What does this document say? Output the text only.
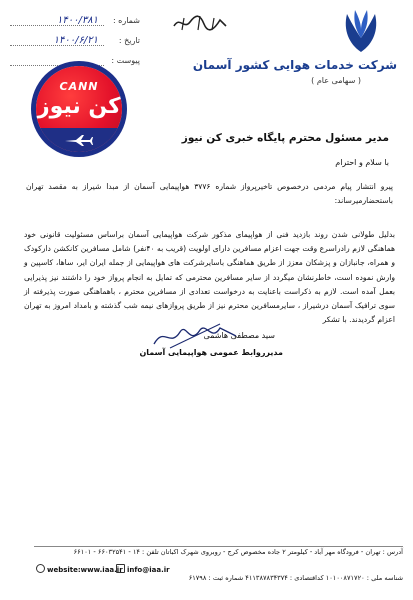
شرکت خدمات هوایی کشور آسمان
( سهامی عام )
شماره :
۱۴۰۰/۳۸۱
تاریخ :
۱۴۰۰/۶/۲۱
پیوست :
CANN
کن نیوز
مدیر مسئول محترم پایگاه خبری کن نیوز
با سلام و احترام
پیرو انتشار پیام مردمی درخصوص تاخیرپرواز شماره ۳۷۷۶ هواپیمایی آسمان از مبدا شیراز به مقصد تهران باستحضارمیرساند:
بدلیل طولانی شدن روند بازدید فنی از هواپیمای مذکور شرکت هواپیمایی آسمان براساس مسئولیت قانونی خود هماهنگی لازم رادراسرع وقت جهت اعزام مسافرین دارای اولویت (قریب به ۴۰نفر) شامل مسافرین کانکشن دارکودک و همراه، جانبازان و پزشکان معزز از طریق هماهنگی باسایرشرکت های هواپیمایی از جمله ایران ایر، ساها، کاسپین و وارش نموده است، خاطرنشان میگردد از سایر مسافرین محترمی که تمایل به انجام پرواز خود را داشتند نیز پذیرایی بعمل آمده است. لازم به ذکراست باعنایت به درخواست تعدادی از مسافرین محترم ، باهماهنگی صورت پذیرفته از سوی ترافیک آسمان درشیراز ، سایرمسافرین محترم نیز از طریق پروازهای نیمه شب گذشته و بامداد امروز به تهران اعزام گردیدند. با تشکر
سید مصطفی هاشمی
مدیرروابط عمومی هواپیمایی آسمان
آدرس : تهران - فرودگاه مهر آباد - کیلومتر ۲ جاده مخصوص کرج - روبروی شهرک اکباتان تلفن : ۱۴ - ۶۶۰۳۲۵۴۱ - ۶۶۱۰۱
website:www.iaa.ir info@iaa.ir
شناسه ملی : ۱۰۱۰۰۸۷۱۷۲۰ کداقتصادی : ۴۱۱۳۸۷۸۳۴۳۷۴ شماره ثبت : ۶۱۷۹۸
